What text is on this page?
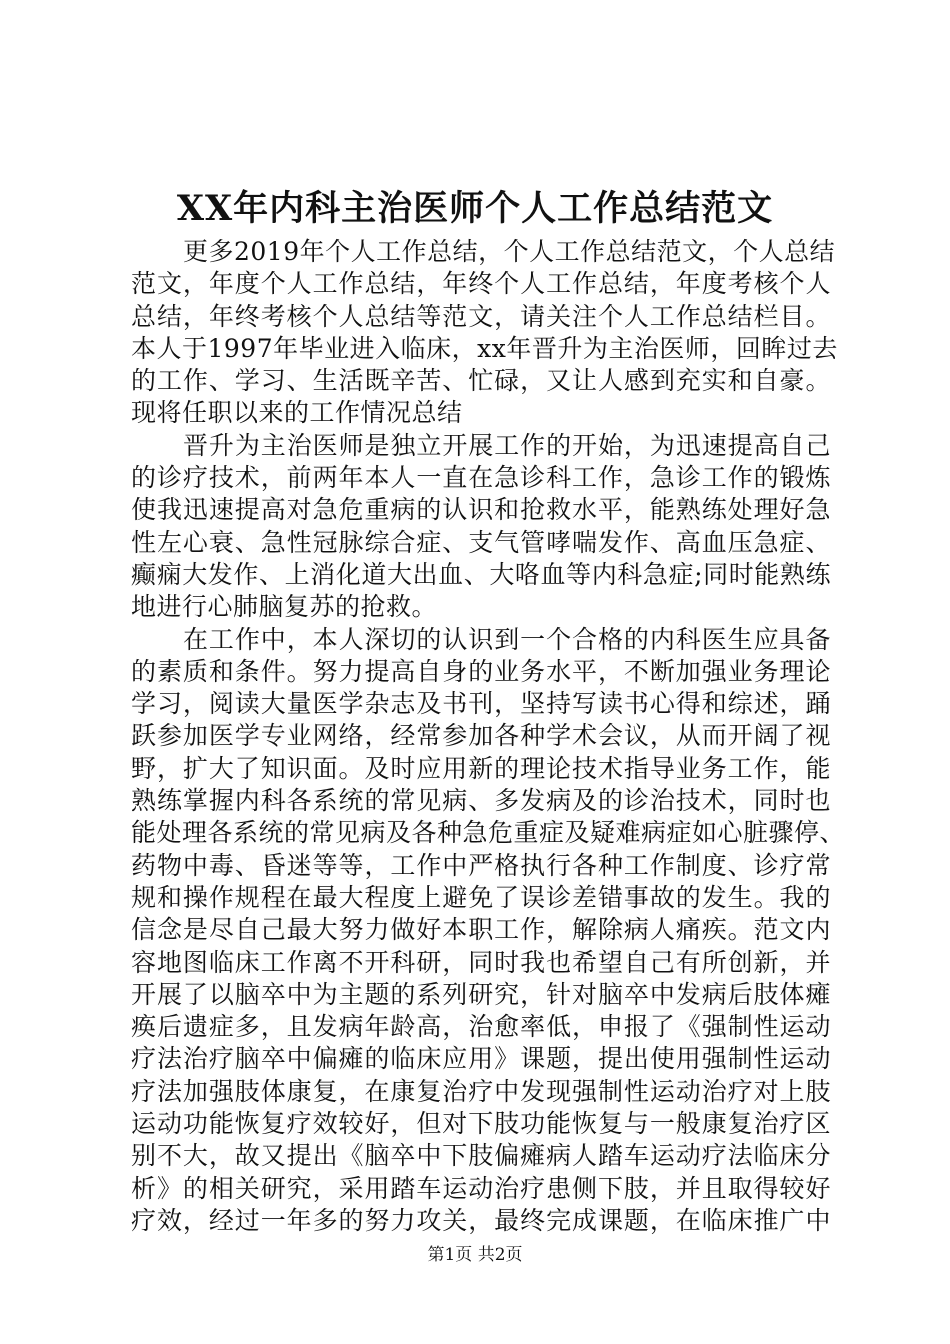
XX年内科主治医师个人工作总结范文
更多2019年个人工作总结，个人工作总结范文，个人总结
范文，年度个人工作总结，年终个人工作总结，年度考核个人
总结，年终考核个人总结等范文，请关注个人工作总结栏目。
本人于1997年毕业进入临床，xx年晋升为主治医师，回眸过去
的工作、学习、生活既辛苦、忙碌，又让人感到充实和自豪。
现将任职以来的工作情况总结
晋升为主治医师是独立开展工作的开始，为迅速提高自己
的诊疗技术，前两年本人一直在急诊科工作，急诊工作的锻炼
使我迅速提高对急危重病的认识和抢救水平，能熟练处理好急
性左心衰、急性冠脉综合症、支气管哮喘发作、高血压急症、
癫痫大发作、上消化道大出血、大咯血等内科急症;同时能熟练
地进行心肺脑复苏的抢救。
在工作中，本人深切的认识到一个合格的内科医生应具备
的素质和条件。努力提高自身的业务水平，不断加强业务理论
学习，阅读大量医学杂志及书刊，坚持写读书心得和综述，踊
跃参加医学专业网络，经常参加各种学术会议，从而开阔了视
野，扩大了知识面。及时应用新的理论技术指导业务工作，能
熟练掌握内科各系统的常见病、多发病及的诊治技术，同时也
能处理各系统的常见病及各种急危重症及疑难病症如心脏骤停、
药物中毒、昏迷等等，工作中严格执行各种工作制度、诊疗常
规和操作规程在最大程度上避免了误诊差错事故的发生。我的
信念是尽自己最大努力做好本职工作，解除病人痛疾。范文内
容地图临床工作离不开科研，同时我也希望自己有所创新，并
开展了以脑卒中为主题的系列研究，针对脑卒中发病后肢体瘫
痪后遗症多，且发病年龄高，治愈率低，申报了《强制性运动
疗法治疗脑卒中偏瘫的临床应用》课题，提出使用强制性运动
疗法加强肢体康复，在康复治疗中发现强制性运动治疗对上肢
运动功能恢复疗效较好，但对下肢功能恢复与一般康复治疗区
别不大，故又提出《脑卒中下肢偏瘫病人踏车运动疗法临床分
析》的相关研究，采用踏车运动治疗患侧下肢，并且取得较好
疗效，经过一年多的努力攻关，最终完成课题，在临床推广中
第1页 共2页
